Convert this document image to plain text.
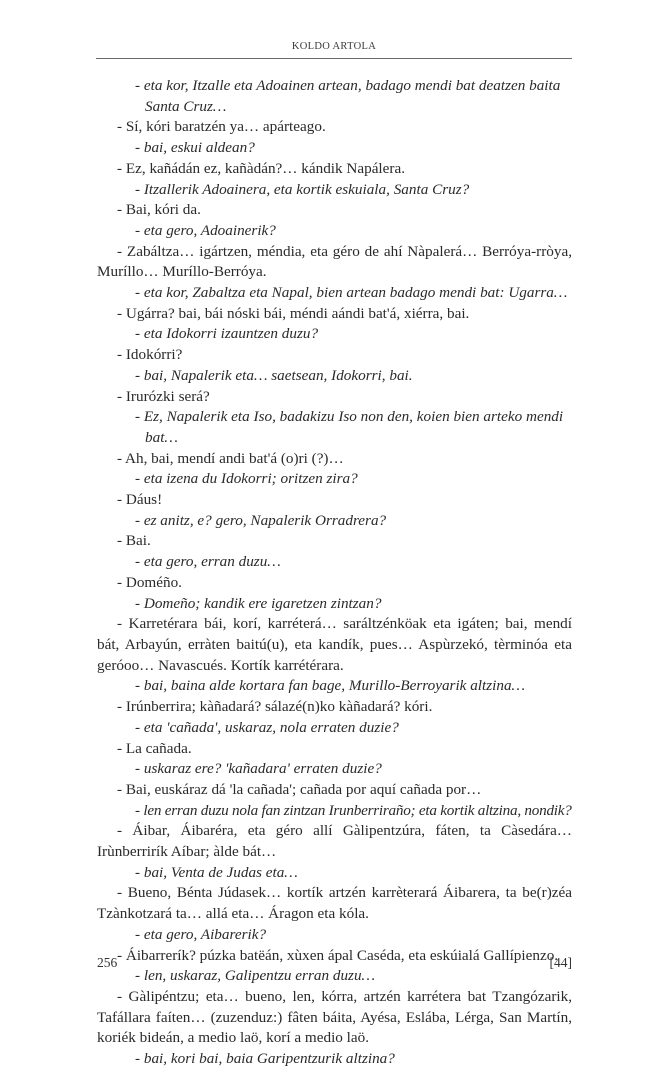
KOLDO ARTOLA

- eta kor, Itzalle eta Adoainen artean, badago mendi bat deatzen baita Santa Cruz…

- Sí, kóri baratzén ya… apárteago.

- bai, eskui aldean?

- Ez, kañádán ez, kañàdán?… kándik Napálera.

- Itzallerik Adoainera, eta kortik eskuiala, Santa Cruz?

- Bai, kóri da.

- eta gero, Adoainerik?

- Zabáltza… igártzen, méndia, eta géro de ahí Nàpalerá… Berróya-rròya, Muríllo… Muríllo-Berróya.

- eta kor, Zabaltza eta Napal, bien artean badago mendi bat: Ugarra…

- Ugárra? bai, bái nóski bái, méndi aándi bat'á, xiérra, bai.

- eta Idokorri izauntzen duzu?

- Idokórri?

- bai, Napalerik eta… saetsean, Idokorri, bai.

- Irurózki será?

- Ez, Napalerik eta Iso, badakizu Iso non den, koien bien arteko mendi bat…

- Ah, bai, mendí andi bat'á (o)ri (?)…

- eta izena du Idokorri; oritzen zira?

- Dáus!

- ez anitz, e? gero, Napalerik Orradrera?

- Bai.

- eta gero, erran duzu…

- Doméño.

- Domeño; kandik ere igaretzen zintzan?

- Karretérara bái, korí, karréterá… saráltzénköak eta igáten; bai, mendí bát, Arbayún, erràten baitú(u), eta kandík, pues… Aspùrzekó, tèrminóa eta geróoo… Navascués. Kortík karrétérara.

- bai, baina alde kortara fan bage, Murillo-Berroyarik altzina…

- Irúnberrira; kàñadará? sálazé(n)ko kàñadará? kóri.

- eta 'cañada', uskaraz, nola erraten duzie?

- La cañada.

- uskaraz ere? 'kañadara' erraten duzie?

- Bai, euskáraz dá 'la cañada'; cañada por aquí cañada por…

- len erran duzu nola fan zintzan Irunberriraño; eta kortik altzina, nondik?

- Áibar, Áibaréra, eta géro allí Gàlipentzúra, fáten, ta Càsedára… Irùnberrirík Aíbar; àlde bát…

- bai, Venta de Judas eta…

- Bueno, Bénta Júdasek… kortík artzén karrèterará Áibarera, ta be(r)zéa Tzànkotzará ta… allá eta… Áragon eta kóla.

- eta gero, Aibarerik?

- Áibarrerík? púzka batëán, xùxen ápal Caséda, eta eskúialá Gallípienzo.

- len, uskaraz, Galipentzu erran duzu…

- Gàlipéntzu; eta… bueno, len, kórra, artzén karrétera bat Tzangózarik, Tafállara faíten… (zuzenduz:) fâten báita, Ayésa, Eslába, Lérga, San Martín, koriék bideán, a medio laö, korí a medio laö.

- bai, kori bai, baia Garipentzurik altzina?

256	[44]
